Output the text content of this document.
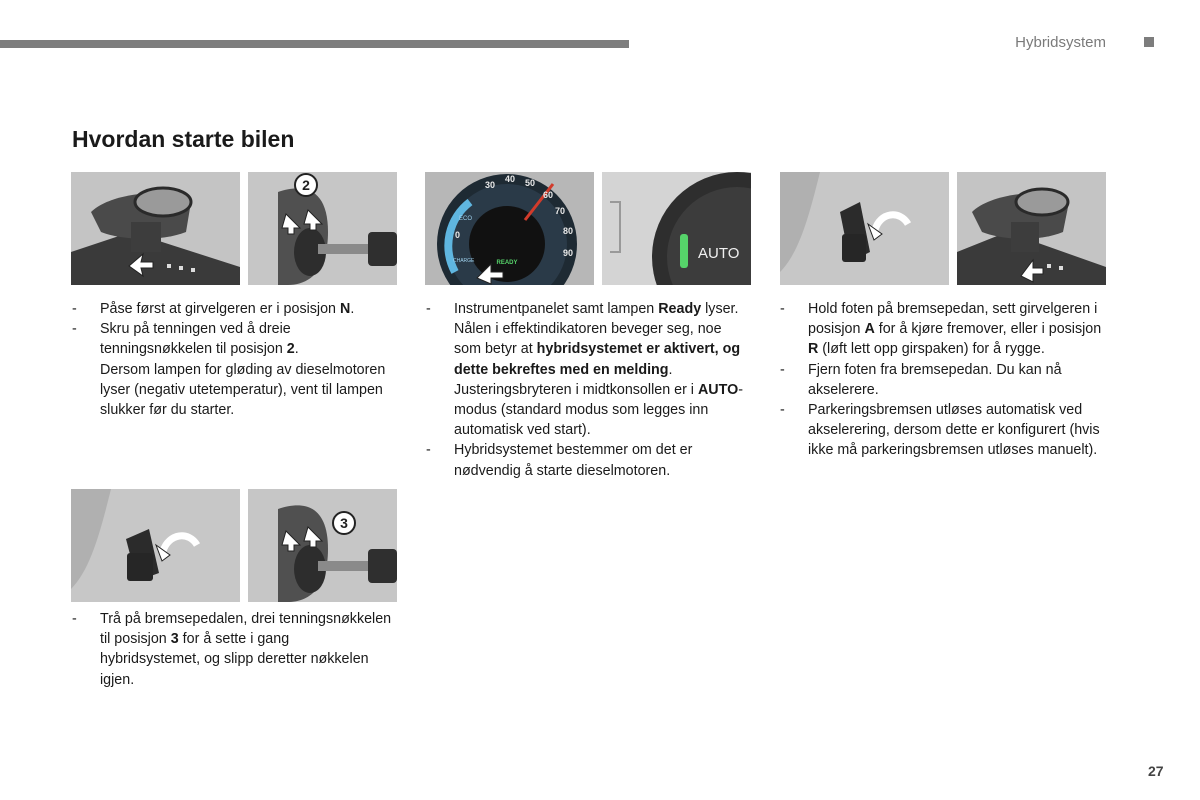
Hybridsystem
Hvordan starte bilen
2	30
40 50
60
70
80
90
0
ECO
CHARGE	READY
AUTO
3
- Påse først at girvelgeren er i posisjon N.
- Skru på tenningen ved å dreie tenningsnøkkelen til posisjon 2.
Dersom lampen for gløding av dieselmotoren lyser (negativ utetemperatur), vent til lampen slukker før du starter.
- Trå på bremsepedalen, drei tenningsnøkkelen til posisjon 3 for å sette i gang hybridsystemet, og slipp deretter nøkkelen igjen.
- Instrumentpanelet samt lampen Ready lyser. Nålen i effektindikatoren beveger seg, noe som betyr at hybridsystemet er aktivert, og dette bekreftes med en melding. Justeringsbryteren i midtkonsollen er i AUTO-modus (standard modus som legges inn automatisk ved start).
- Hybridsystemet bestemmer om det er nødvendig å starte dieselmotoren.
- Hold foten på bremsepedan, sett girvelgeren i posisjon A for å kjøre fremover, eller i posisjon R (løft lett opp girspaken) for å rygge.
- Fjern foten fra bremsepedan. Du kan nå akselerere.
- Parkeringsbremsen utløses automatisk ved akselerering, dersom dette er konfigurert (hvis ikke må parkeringsbremsen utløses manuelt).
27
